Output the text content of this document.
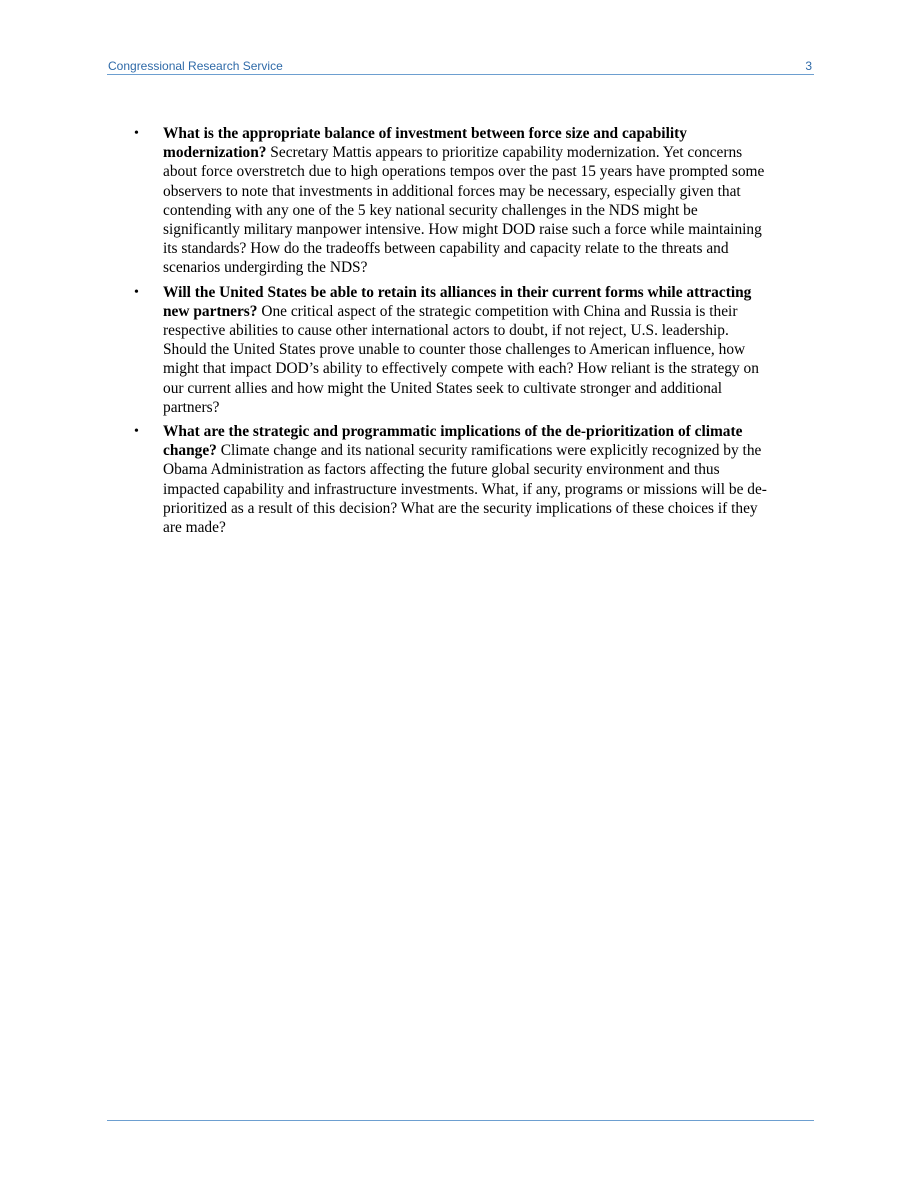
Congressional Research Service	3
• What is the appropriate balance of investment between force size and capability modernization? Secretary Mattis appears to prioritize capability modernization. Yet concerns about force overstretch due to high operations tempos over the past 15 years have prompted some observers to note that investments in additional forces may be necessary, especially given that contending with any one of the 5 key national security challenges in the NDS might be significantly military manpower intensive. How might DOD raise such a force while maintaining its standards? How do the tradeoffs between capability and capacity relate to the threats and scenarios undergirding the NDS?
• Will the United States be able to retain its alliances in their current forms while attracting new partners? One critical aspect of the strategic competition with China and Russia is their respective abilities to cause other international actors to doubt, if not reject, U.S. leadership. Should the United States prove unable to counter those challenges to American influence, how might that impact DOD’s ability to effectively compete with each? How reliant is the strategy on our current allies and how might the United States seek to cultivate stronger and additional partners?
• What are the strategic and programmatic implications of the de-prioritization of climate change? Climate change and its national security ramifications were explicitly recognized by the Obama Administration as factors affecting the future global security environment and thus impacted capability and infrastructure investments. What, if any, programs or missions will be de-prioritized as a result of this decision? What are the security implications of these choices if they are made?
